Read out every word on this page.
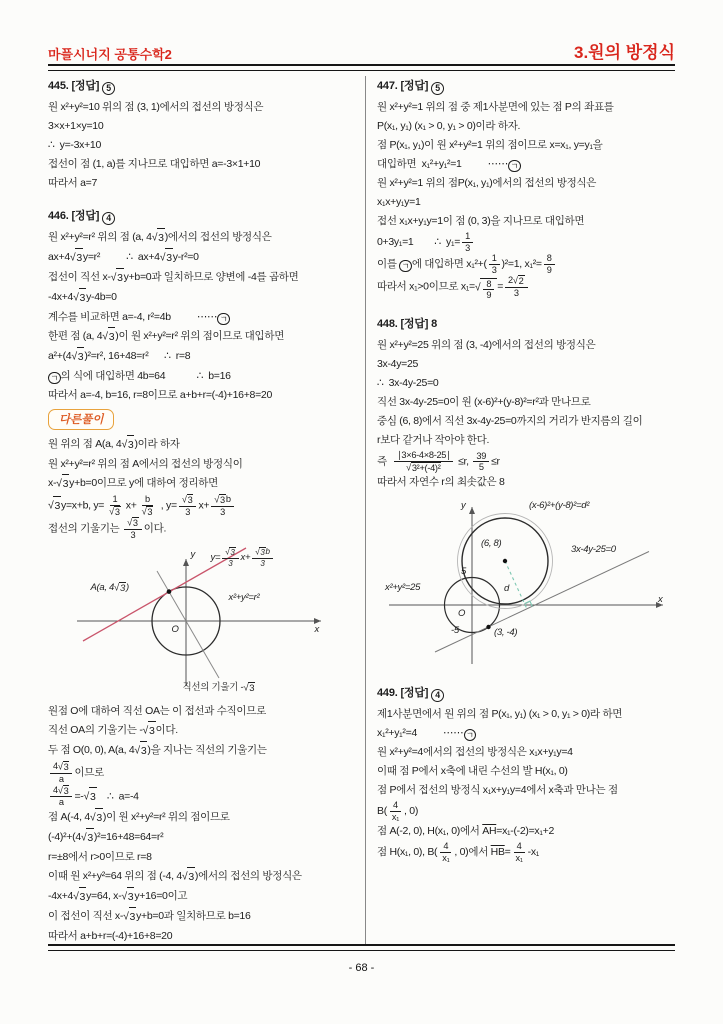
마플시너지 공통수학2	3.원의 방정식
445. [정답] 5
원 x²+y²=10 위의 점 (3, 1)에서의 접선의 방정식은
3×x+1×y=10
∴  y=-3x+10
접선이 점 (1, a)를 지나므로 대입하면 a=-3×1+10
따라서 a=7
446. [정답] 4
원 x²+y²=r² 위의 점 (a, 4 √ 3 )에서의 접선의 방정식은
ax+4 √ 3 y=r²          ∴  ax+4 √ 3 y-r²=0
접선이 직선 x- √ 3 y+b=0과 일치하므로 양변에 -4를 곱하면
-4x+4 √ 3 y-4b=0
계수를 비교하면 a=-4, r²=4b          ⋯⋯ ㄱ
한편 점 (a, 4 √ 3 )이 원 x²+y²=r² 위의 점이므로 대입하면
a²+(4 √ 3 )²=r², 16+48=r²      ∴  r=8
ㄱ 의 식에 대입하면 4b=64            ∴  b=16
따라서 a=-4, b=16, r=8이므로 a+b+r=(-4)+16+8=20
다른풀이
원 위의 점 A(a, 4 √ 3 )이라 하자
원 x²+y²=r² 위의 점 A에서의 접선의 방정식이
x- √ 3 y+b=0이므로 y에 대하여 정리하면
√ 3 y=x+b, $y= \frac{1}{√ 3} x+ \frac{b}{√ 3}$ , $y= \frac{√ 3}{3} x+ \frac{√ 3 b}{3}$
접선의 기울기는 $\frac{√ 3}{3}$ 이다.
$y= \frac{√ 3}{3} x+ \frac{√ 3 b}{3}$
x²+y²=r²
A(a, 4 √ 3 )
O	x
y
직선의 기울기 - √ 3
원점 O에 대하여 직선 OA는 이 접선과 수직이므로
직선 OA의 기울기는 - √ 3 이다.
두 점 O(0, 0), A(a, 4 √ 3 )을 지나는 직선의 기울기는
$\frac{4 √ 3}{a}$ 이므로
$\frac{4 √ 3}{a}$ =- √ 3 ∴  a=-4
점 A(-4, 4 √ 3 )이 원 x²+y²=r² 위의 점이므로
(-4)²+(4 √ 3 )²=16+48=64=r²
r=±8에서 r>0이므로 r=8
이때 원 x²+y²=64 위의 점 (-4, 4 √ 3 )에서의 접선의 방정식은
-4x+4 √ 3 y=64, x- √ 3 y+16=0이고
이 접선이 직선 x- √ 3 y+b=0과 일치하므로 b=16
따라서 a+b+r=(-4)+16+8=20
447. [정답] 5
원 x²+y²=1 위의 점 중 제1사분면에 있는 점 P의 좌표를
P(x₁, y₁) (x₁ > 0, y₁ > 0)이라 하자.
점 P(x₁, y₁)이 원 x²+y²=1 위의 점이므로 x=x₁, y=y₁을
대입하면  x₁²+y₁²=1          ⋯⋯ ㄱ
원 x²+y²=1 위의 점P(x₁, y₁)에서의 접선의 방정식은
x₁x+y₁y=1
접선 x₁x+y₁y=1이 점 (0, 3)을 지나므로 대입하면
0+3y₁=1        ∴  $y_1= \frac{1}{3}$
이를 ㄱ 에 대입하면 $x_1^2+( \frac{1}{3} )^2=1$, $x_1^2= \frac{8}{9}$
따라서 x₁>0이므로 x₁= √ $\frac{8}{9} = \frac{2 √ 2}{3}$
448. [정답] 8
원 x²+y²=25 위의 점 (3, -4)에서의 접선의 방정식은
3x-4y=25
∴  3x-4y-25=0
직선 3x-4y-25=0이 원 (x-6)²+(y-8)²=r²과 만나므로
중심 (6, 8)에서 직선 3x-4y-25=0까지의 거리가 반지름의 길이
r보다 같거나 작아야 한다.
즉 $\frac{∣3\times 6-4\times 8-25∣}{\text{√ 3²+(-4)²}} \le r$, $\frac{39}{5} \le r$
따라서 자연수 r의 최솟값은 8
(x-6)²+(y-8)²=d²
(6, 8)
3x-4y-25=0
x²+y²=25
5
-5
O
(3, -4)
d
x
y
449. [정답] 4
제1사분면에서 원 위의 점 P(x₁, y₁) (x₁ > 0, y₁ > 0)라 하면
x₁²+y₁²=4          ⋯⋯ ㄱ
원 x²+y²=4에서의 접선의 방정식은 x₁x+y₁y=4
이때 점 P에서 x축에 내린 수선의 발 H(x₁, 0)
점 P에서 접선의 방정식 x₁x+y₁y=4에서 x축과 만나는 점
$B( \frac{4}{\text{x₁}}$ , 0)
점 A(-2, 0), H(x₁, 0)에서 $\overline{AH}=x_1-(-2)=x_1+2$
점 H(x₁, 0), $B( \frac{4}{\text{x₁}}$ , 0)에서 $\overline{HB}= \frac{4}{\text{x₁}} -x_1$
- 68 -
